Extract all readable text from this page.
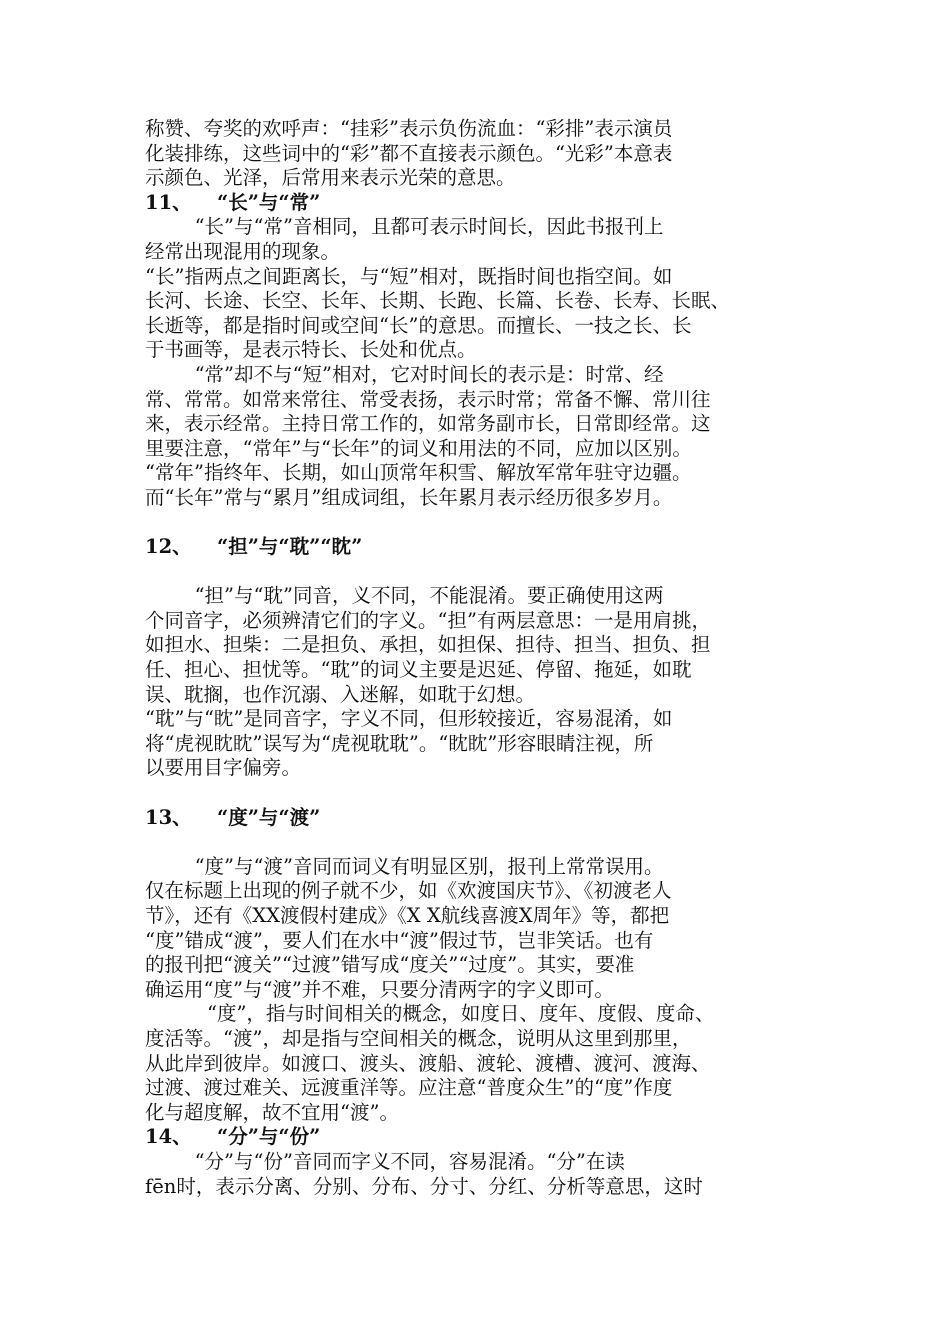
称赞、夸奖的欢呼声：“挂彩”表示负伤流血：“彩排”表示演员
化装排练，这些词中的“彩”都不直接表示颜色。“光彩”本意表
示颜色、光泽，后常用来表示光荣的意思。
11、 “长”与“常”
“长”与“常”音相同，且都可表示时间长，因此书报刊上
经常出现混用的现象。
“长”指两点之间距离长，与“短”相对，既指时间也指空间。如
长河、长途、长空、长年、长期、长跑、长篇、长卷、长寿、长眠、
长逝等，都是指时间或空间“长”的意思。而擅长、一技之长、长
于书画等，是表示特长、长处和优点。
“常”却不与“短”相对，它对时间长的表示是：时常、经
常、常常。如常来常往、常受表扬，表示时常；常备不懈、常川往
来，表示经常。主持日常工作的，如常务副市长，日常即经常。这
里要注意，“常年”与“长年”的词义和用法的不同，应加以区别。
“常年”指终年、长期，如山顶常年积雪、解放军常年驻守边疆。
而“长年”常与“累月”组成词组，长年累月表示经历很多岁月。
12、 “担”与“耽”“眈”
“担”与“耽”同音，义不同，不能混淆。要正确使用这两
个同音字，必须辨清它们的字义。“担”有两层意思：一是用肩挑，
如担水、担柴：二是担负、承担，如担保、担待、担当、担负、担
任、担心、担忧等。“耽”的词义主要是迟延、停留、拖延，如耽
误、耽搁，也作沉溺、入迷解，如耽于幻想。
“耽”与“眈”是同音字，字义不同，但形较接近，容易混淆，如
将“虎视眈眈”误写为“虎视耽耽”。“眈眈”形容眼睛注视，所
以要用目字偏旁。
13、 “度”与“渡”
“度”与“渡”音同而词义有明显区别，报刊上常常误用。
仅在标题上出现的例子就不少，如《欢渡国庆节》、《初渡老人
节》，还有《XX渡假村建成》《X X航线喜渡X周年》等，都把
“度”错成“渡”，要人们在水中“渡”假过节，岂非笑话。也有
的报刊把“渡关”“过渡”错写成“度关”“过度”。其实，要准
确运用“度”与“渡”并不难，只要分清两字的字义即可。
“度”，指与时间相关的概念，如度日、度年、度假、度命、
度活等。“渡”，却是指与空间相关的概念，说明从这里到那里，
从此岸到彼岸。如渡口、渡头、渡船、渡轮、渡槽、渡河、渡海、
过渡、渡过难关、远渡重洋等。应注意“普度众生”的“度”作度
化与超度解，故不宜用“渡”。
14、 “分”与“份”
“分”与“份”音同而字义不同，容易混淆。“分”在读
fēn时，表示分离、分别、分布、分寸、分红、分析等意思，这时
